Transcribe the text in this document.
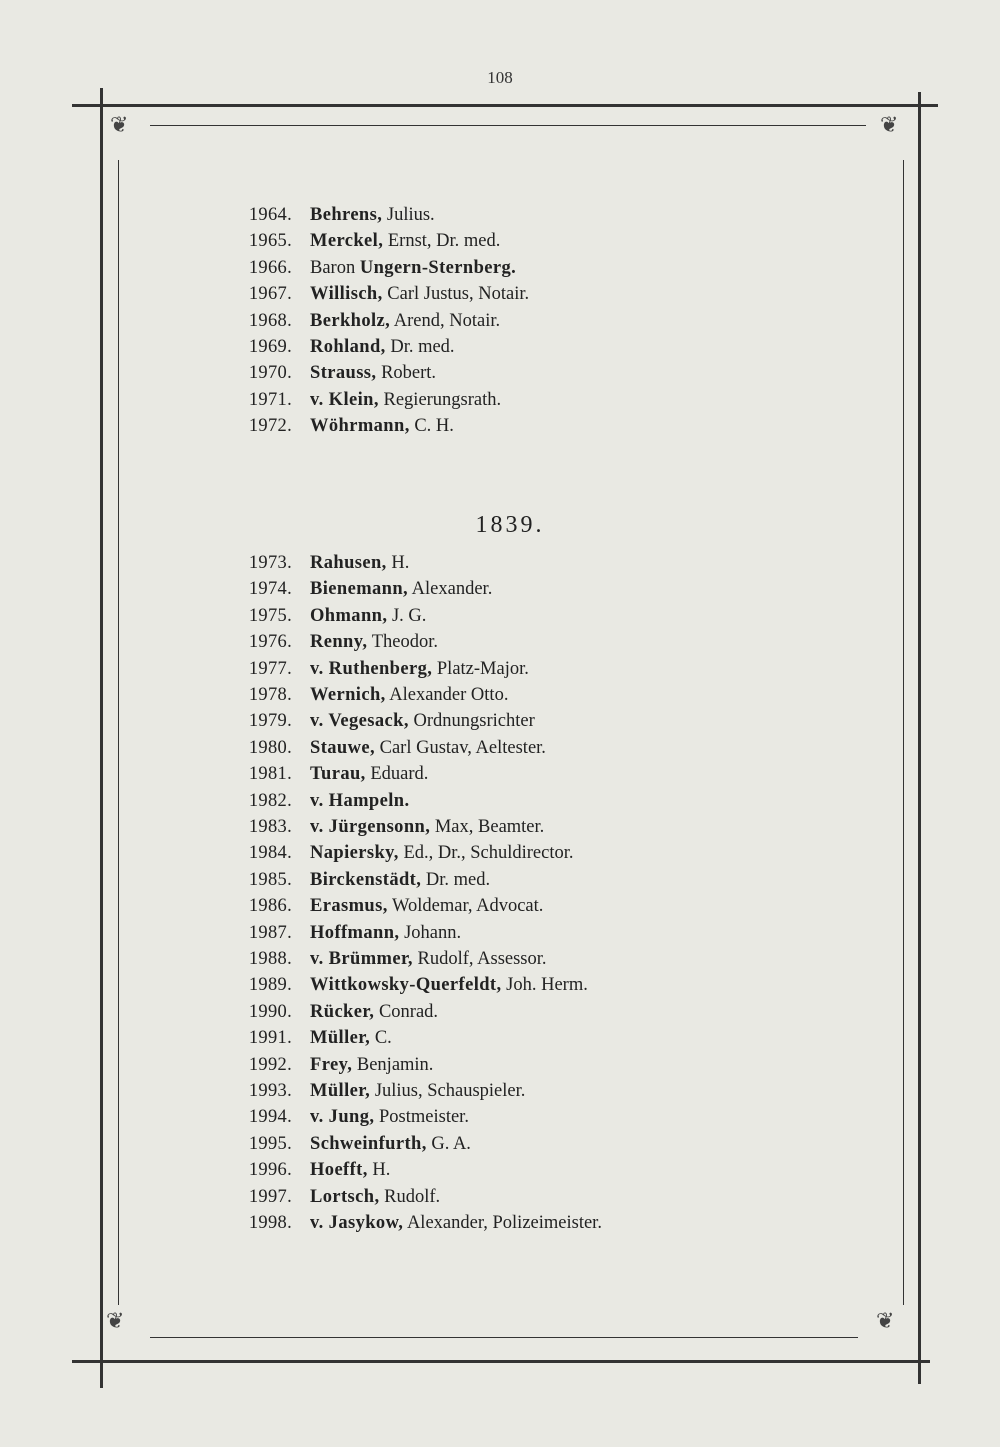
108
❦	❦
❦	❦
1839.
1964. Behrens, Julius.
1965. Merckel, Ernst, Dr. med.
1966. Baron Ungern-Sternberg.
1967. Willisch, Carl Justus, Notair.
1968. Berkholz, Arend, Notair.
1969. Rohland, Dr. med.
1970. Strauss, Robert.
1971. v. Klein, Regierungsrath.
1972. Wöhrmann, C. H.
1973. Rahusen, H.
1974. Bienemann, Alexander.
1975. Ohmann, J. G.
1976. Renny, Theodor.
1977. v. Ruthenberg, Platz-Major.
1978. Wernich, Alexander Otto.
1979. v. Vegesack, Ordnungsrichter
1980. Stauwe, Carl Gustav, Aeltester.
1981. Turau, Eduard.
1982. v. Hampeln.
1983. v. Jürgensonn, Max, Beamter.
1984. Napiersky, Ed., Dr., Schuldirector.
1985. Birckenstädt, Dr. med.
1986. Erasmus, Woldemar, Advocat.
1987. Hoffmann, Johann.
1988. v. Brümmer, Rudolf, Assessor.
1989. Wittkowsky-Querfeldt, Joh. Herm.
1990. Rücker, Conrad.
1991. Müller, C.
1992. Frey, Benjamin.
1993. Müller, Julius, Schauspieler.
1994. v. Jung, Postmeister.
1995. Schweinfurth, G. A.
1996. Hoefft, H.
1997. Lortsch, Rudolf.
1998. v. Jasykow, Alexander, Polizeimeister.
